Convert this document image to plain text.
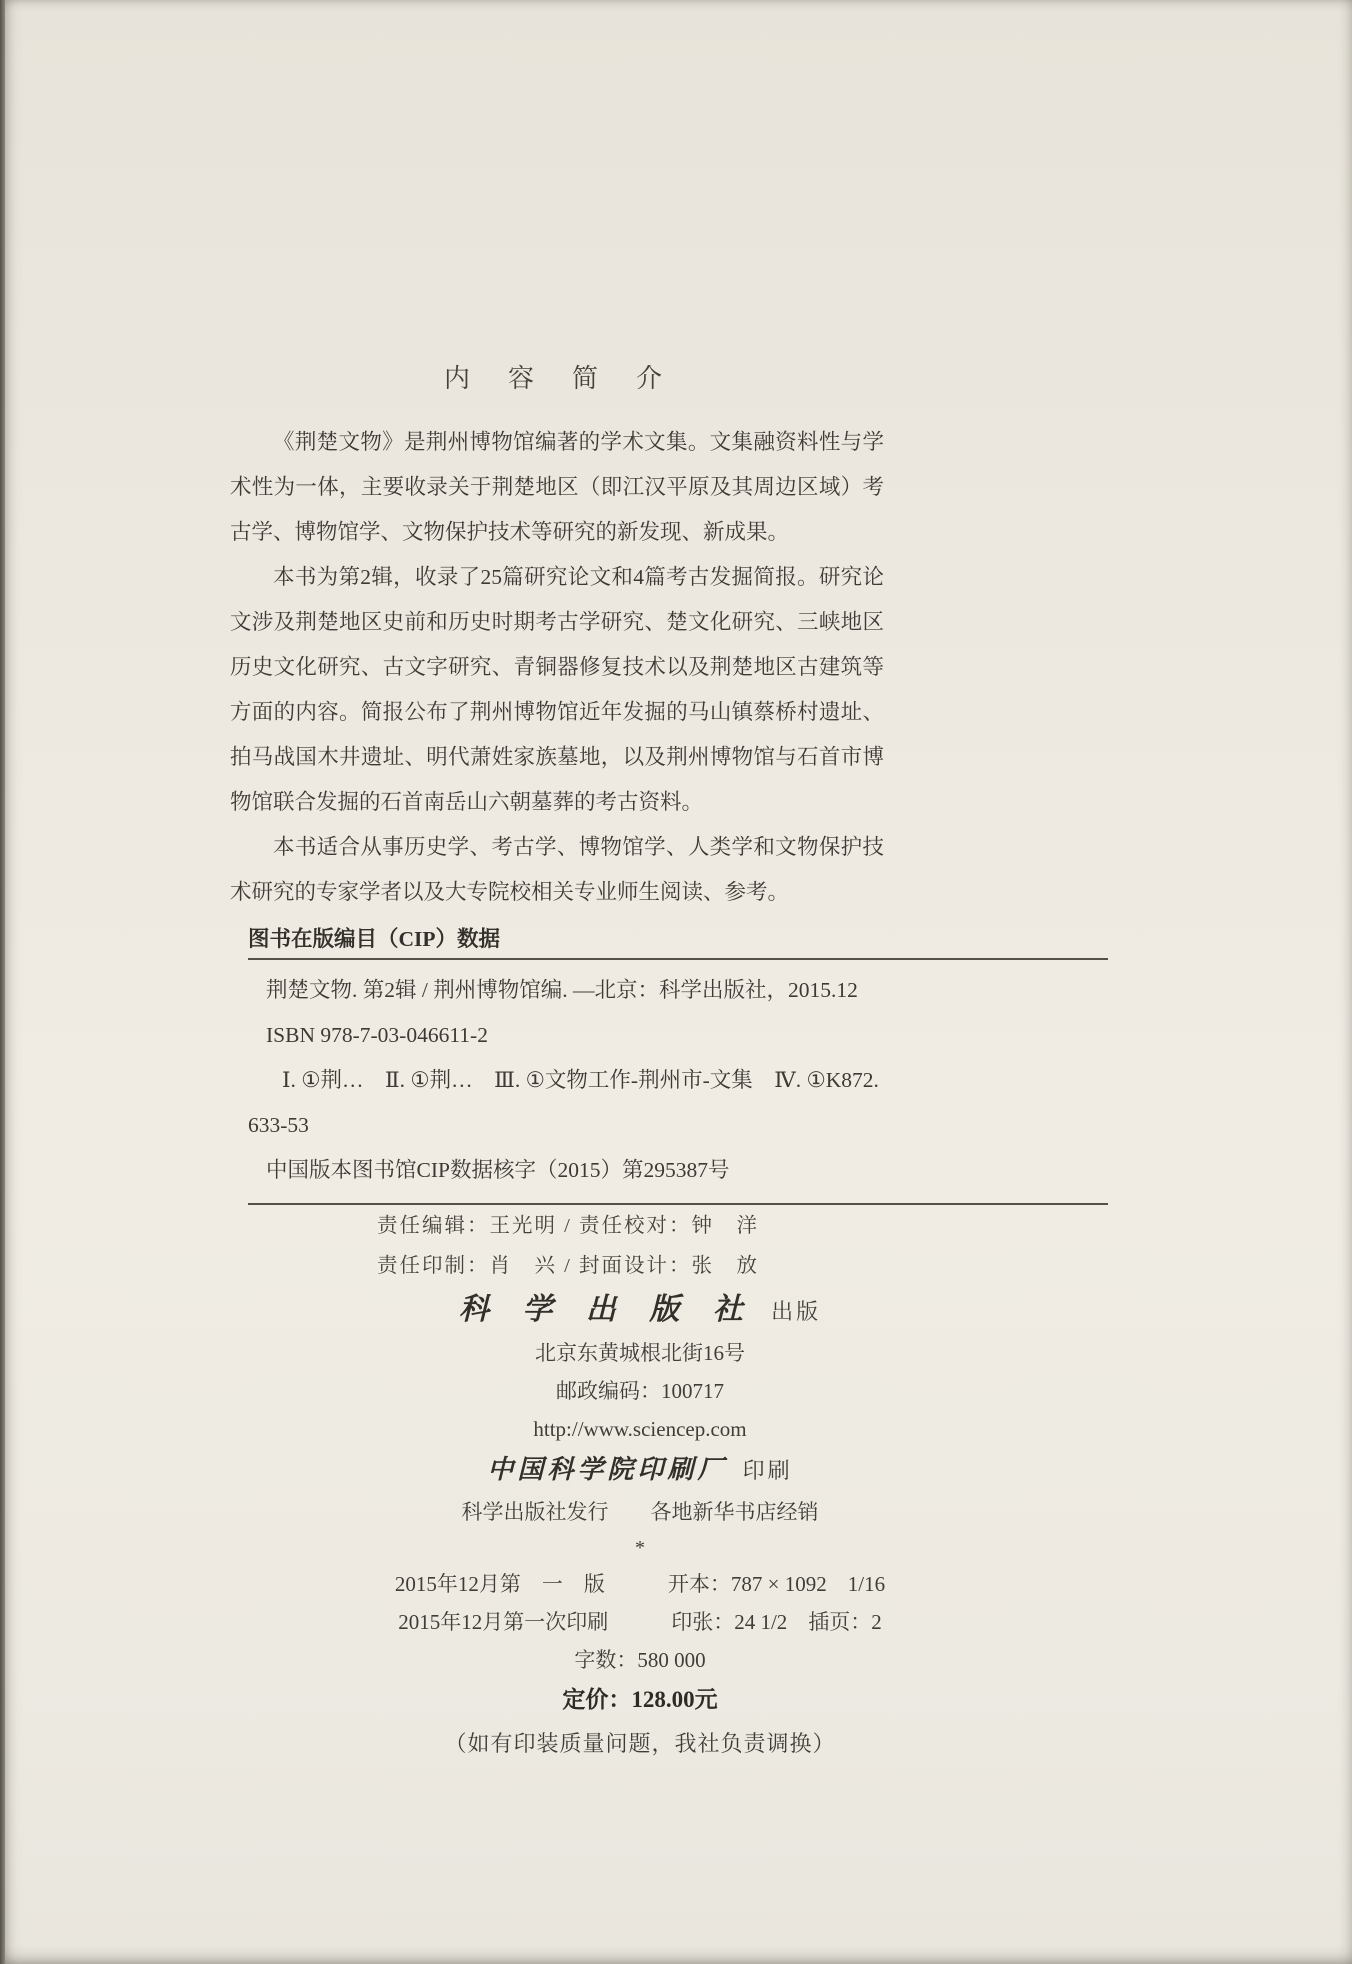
内　容　简　介

《荆楚文物》是荆州博物馆编著的学术文集。文集融资料性与学术性为一体，主要收录关于荆楚地区（即江汉平原及其周边区域）考古学、博物馆学、文物保护技术等研究的新发现、新成果。

本书为第2辑，收录了25篇研究论文和4篇考古发掘简报。研究论文涉及荆楚地区史前和历史时期考古学研究、楚文化研究、三峡地区历史文化研究、古文字研究、青铜器修复技术以及荆楚地区古建筑等方面的内容。简报公布了荆州博物馆近年发掘的马山镇蔡桥村遗址、拍马战国木井遗址、明代萧姓家族墓地，以及荆州博物馆与石首市博物馆联合发掘的石首南岳山六朝墓葬的考古资料。

本书适合从事历史学、考古学、博物馆学、人类学和文物保护技术研究的专家学者以及大专院校相关专业师生阅读、参考。

图书在版编目（CIP）数据
荆楚文物. 第2辑 / 荆州博物馆编. —北京：科学出版社，2015.12
ISBN 978-7-03-046611-2
Ⅰ. ①荆…　Ⅱ. ①荆…　Ⅲ. ①文物工作-荆州市-文集　Ⅳ. ①K872.
633-53
中国版本图书馆CIP数据核字（2015）第295387号
责任编辑：王光明 / 责任校对：钟　洋
责任印制：肖　兴 / 封面设计：张　放
科 学 出 版 社 出版
北京东黄城根北街16号
邮政编码：100717
http://www.sciencep.com
中国科学院印刷厂 印刷
科学出版社发行　　各地新华书店经销
*
2015年12月第　一　版　　　开本：787 × 1092　1/16
2015年12月第一次印刷　　　印张：24 1/2　插页：2
字数：580 000
定价：128.00元
（如有印装质量问题，我社负责调换）
